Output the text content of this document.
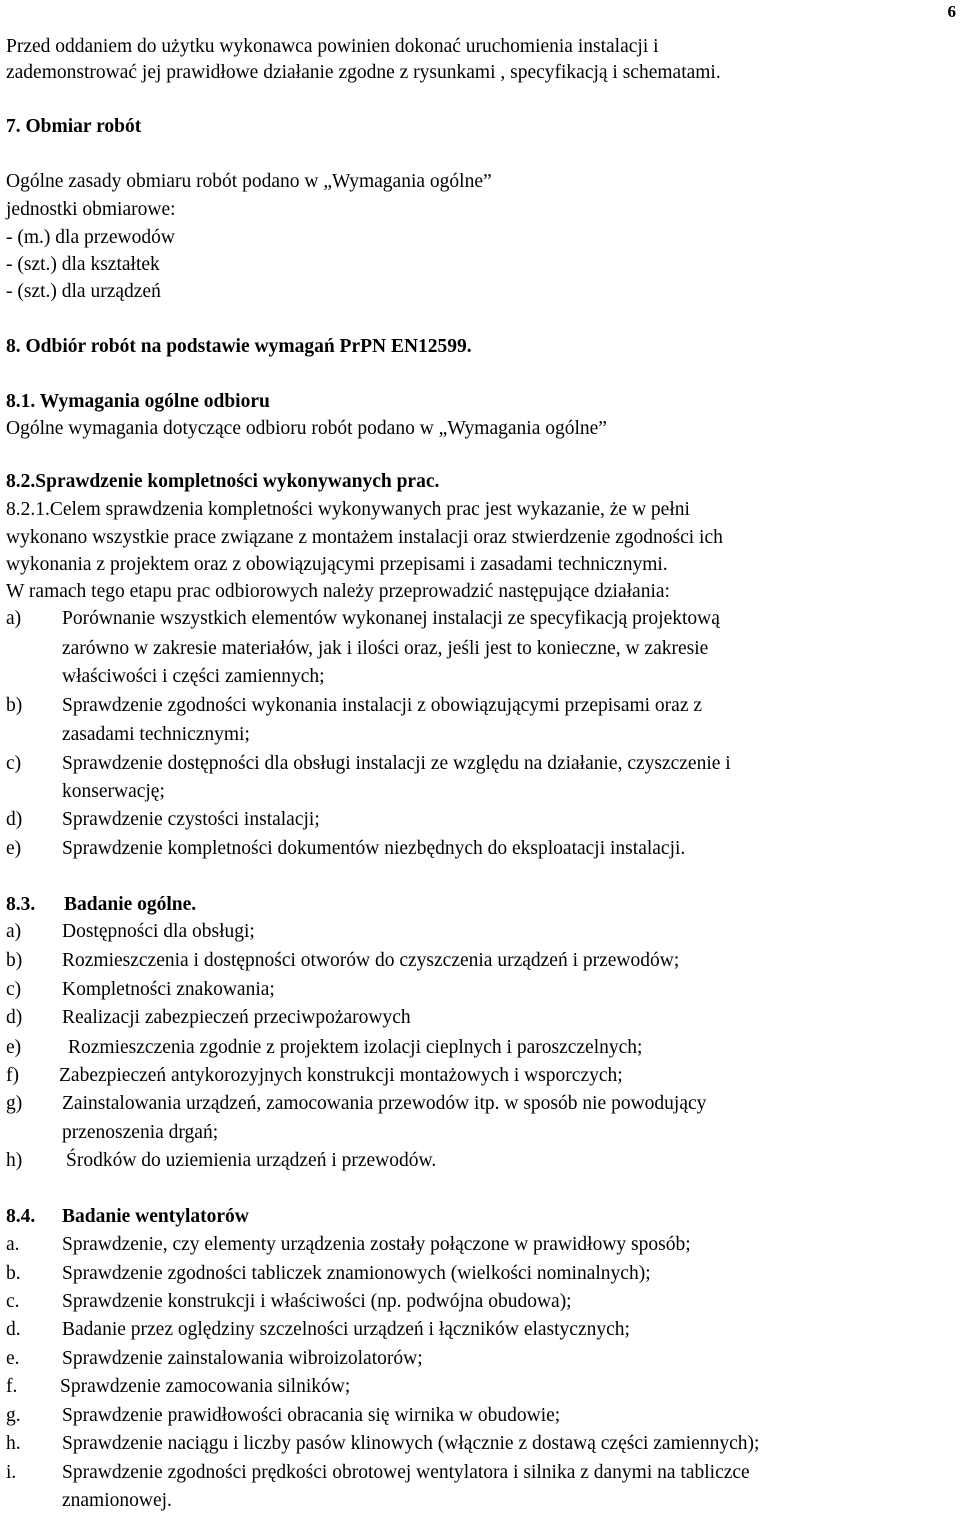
6
Przed oddaniem do użytku wykonawca powinien dokonać uruchomienia instalacji i
zademonstrować jej prawidłowe działanie zgodne z rysunkami , specyfikacją i schematami.
7. Obmiar robót
Ogólne zasady obmiaru robót podano w „Wymagania ogólne”
jednostki obmiarowe:
- (m.) dla przewodów
- (szt.) dla kształtek
- (szt.) dla urządzeń
8. Odbiór robót na podstawie wymagań PrPN EN12599.
8.1. Wymagania ogólne odbioru
Ogólne wymagania dotyczące odbioru robót podano w „Wymagania ogólne”
8.2.Sprawdzenie kompletności wykonywanych prac.
8.2.1.Celem sprawdzenia kompletności wykonywanych prac jest wykazanie, że w pełni
wykonano wszystkie prace związane z montażem instalacji oraz stwierdzenie zgodności ich
wykonania z projektem oraz z obowiązującymi przepisami i zasadami technicznymi.
W ramach tego etapu prac odbiorowych należy przeprowadzić następujące działania:
a) Porównanie wszystkich elementów wykonanej instalacji ze specyfikacją projektową
zarówno w zakresie materiałów, jak i ilości oraz, jeśli jest to konieczne, w zakresie
właściwości i części zamiennych;
b) Sprawdzenie zgodności wykonania instalacji z obowiązującymi przepisami oraz z
zasadami technicznymi;
c) Sprawdzenie dostępności dla obsługi instalacji ze względu na działanie, czyszczenie i
konserwację;
d) Sprawdzenie czystości instalacji;
e) Sprawdzenie kompletności dokumentów niezbędnych do eksploatacji instalacji.
8.3. Badanie ogólne.
a) Dostępności dla obsługi;
b) Rozmieszczenia i dostępności otworów do czyszczenia urządzeń i przewodów;
c) Kompletności znakowania;
d) Realizacji zabezpieczeń przeciwpożarowych
e) Rozmieszczenia zgodnie z projektem izolacji cieplnych i paroszczelnych;
f) Zabezpieczeń antykorozyjnych konstrukcji montażowych i wsporczych;
g) Zainstalowania urządzeń, zamocowania przewodów itp. w sposób nie powodujący
przenoszenia drgań;
h) Środków do uziemienia urządzeń i przewodów.
8.4. Badanie wentylatorów
a. Sprawdzenie, czy elementy urządzenia zostały połączone w prawidłowy sposób;
b. Sprawdzenie zgodności tabliczek znamionowych (wielkości nominalnych);
c. Sprawdzenie konstrukcji i właściwości (np. podwójna obudowa);
d. Badanie przez oględziny szczelności urządzeń i łączników elastycznych;
e. Sprawdzenie zainstalowania wibroizolatorów;
f. Sprawdzenie zamocowania silników;
g. Sprawdzenie prawidłowości obracania się wirnika w obudowie;
h. Sprawdzenie naciągu i liczby pasów klinowych (włącznie z dostawą części zamiennych);
i. Sprawdzenie zgodności prędkości obrotowej wentylatora i silnika z danymi na tabliczce
znamionowej.
